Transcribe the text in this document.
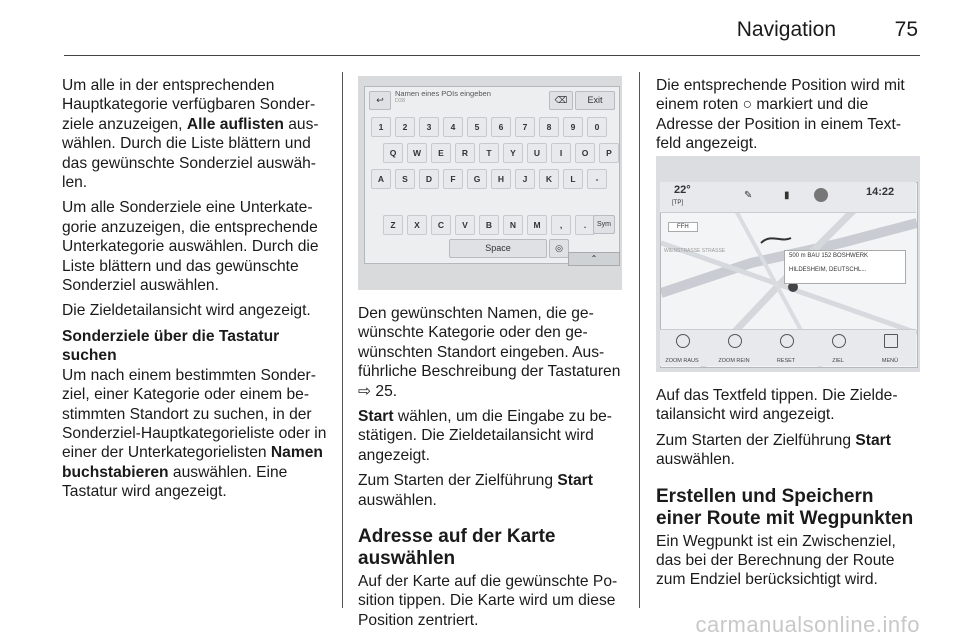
Navigation	75

Um alle in der entsprechenden Hauptkategorie verfügbaren Sonderziele anzuzeigen, Alle auflisten auswählen. Durch die Liste blättern und das gewünschte Sonderziel auswählen.

Um alle Sonderziele eine Unterkategorie anzuzeigen, die entsprechende Unterkategorie auswählen. Durch die Liste blättern und das gewünschte Sonderziel auswählen.

Die Zieldetailansicht wird angezeigt.

Sonderziele über die Tastatur suchen

Um nach einem bestimmten Sonderziel, einer Kategorie oder einem bestimmten Standort zu suchen, in der Sonderziel-Hauptkategorieliste oder in einer der Unterkategorielisten Namen buchstabieren auswählen. Eine Tastatur wird angezeigt.

↩
Namen eines POIs eingeben
D28	⌫	Exit
1	2	3	4	5	6	7	8	9	0
Q	W	E	R	T	Y	U	I	O	P
A	S	D	F	G	H	J	K	L	-
Z	X	C	V	B	N	M	,	.	Sym
Space	◎
⌃

Den gewünschten Namen, die gewünschte Kategorie oder den gewünschten Standort eingeben. Ausführliche Beschreibung der Tastaturen ⇨ 25.

Start wählen, um die Eingabe zu bestätigen. Die Zieldetailansicht wird angezeigt.

Zum Starten der Zielführung Start auswählen.

Adresse auf der Karte auswählen

Auf der Karte auf die gewünschte Position tippen. Die Karte wird um diese Position zentriert.

Die entsprechende Position wird mit einem roten ○ markiert und die Adresse der Position in einem Textfeld angezeigt.

22°
[TP]
✎	▮	14:22
FFH
WIENSTRASSE STRASSE
500 m BAU 152 BOSHWERK
HILDESHEIM, DEUTSCHL...
ZOOM RAUS	ZOOM REIN	RESET	ZIEL	MENÜ

Auf das Textfeld tippen. Die Zieldetailansicht wird angezeigt.

Zum Starten der Zielführung Start auswählen.

Erstellen und Speichern einer Route mit Wegpunkten

Ein Wegpunkt ist ein Zwischenziel, das bei der Berechnung der Route zum Endziel berücksichtigt wird.

carmanualsonline.info
